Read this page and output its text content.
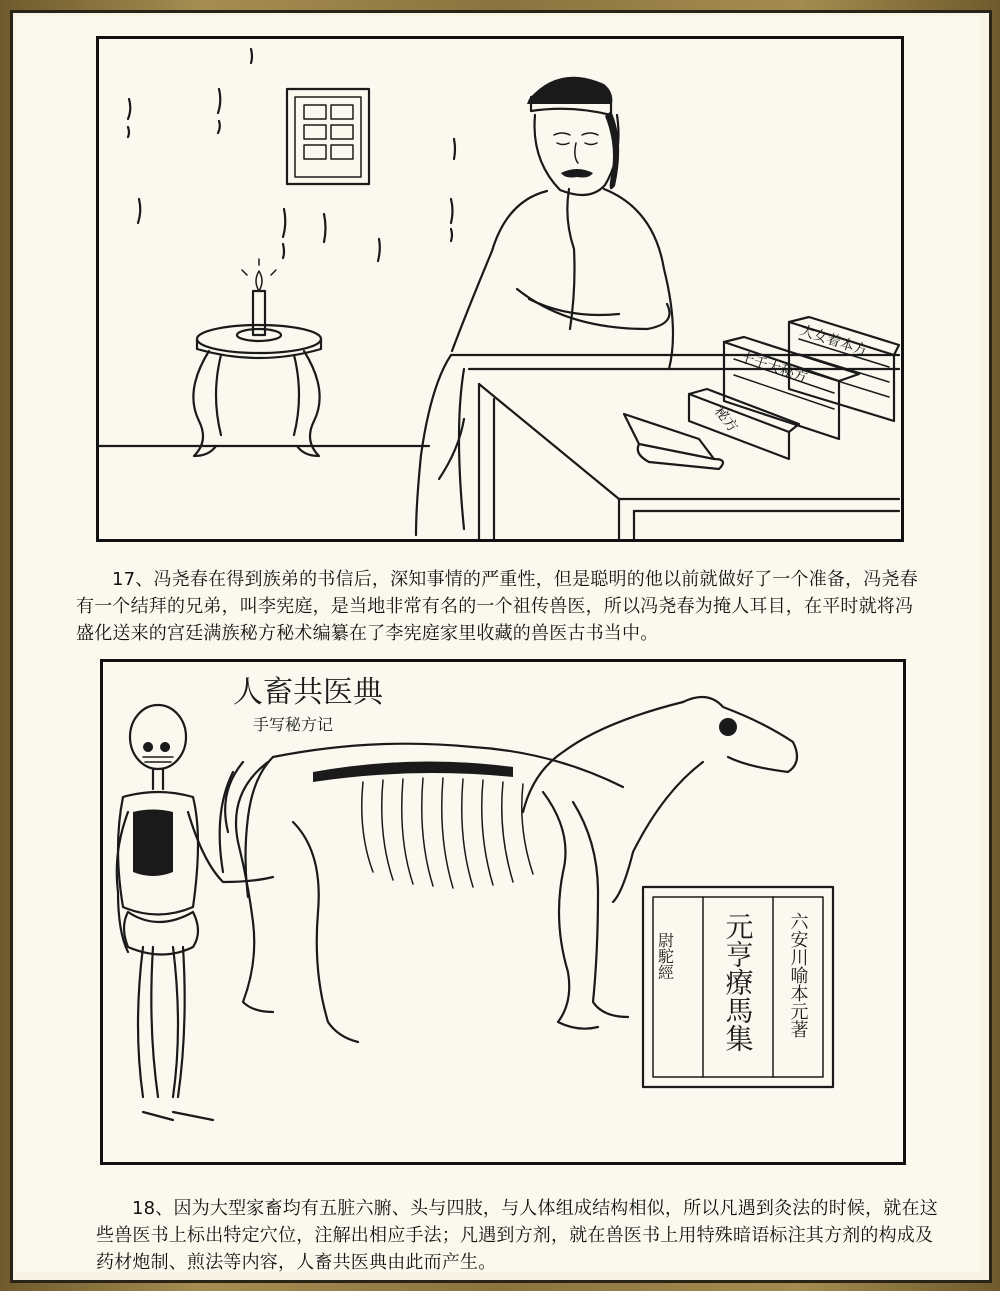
大女着本方
十千大秘方
秘方

17、冯尧春在得到族弟的书信后，深知事情的严重性，但是聪明的他以前就做好了一个准备，冯尧春有一个结拜的兄弟，叫李宪庭，是当地非常有名的一个祖传兽医，所以冯尧春为掩人耳目，在平时就将冯盛化送来的宫廷满族秘方秘术编纂在了李宪庭家里收藏的兽医古书当中。

人畜共医典
手写秘方记
尉駝經 元亨療馬集 六安川喻本元著

18、因为大型家畜均有五脏六腑、头与四肢，与人体组成结构相似，所以凡遇到灸法的时候，就在这些兽医书上标出特定穴位，注解出相应手法；凡遇到方剂，就在兽医书上用特殊暗语标注其方剂的构成及药材炮制、煎法等内容，人畜共医典由此而产生。
